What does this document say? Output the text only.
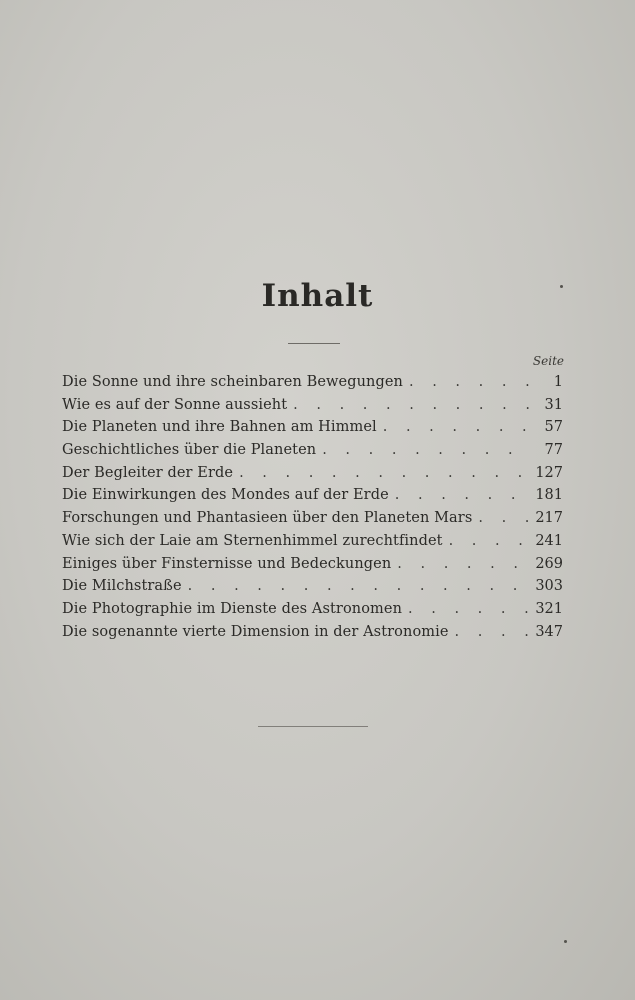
Inhalt
Seite
Die Sonne und ihre scheinbaren Bewegungen . . .	1
Wie es auf der Sonne aussieht . . .	31
Die Planeten und ihre Bahnen am Himmel . . .	57
Geschichtliches über die Planeten . . .	77
Der Begleiter der Erde . . .	127
Die Einwirkungen des Mondes auf der Erde . . .	181
Forschungen und Phantasieen über den Planeten Mars . . .	217
Wie sich der Laie am Sternenhimmel zurechtfindet . . .	241
Einiges über Finsternisse und Bedeckungen . . .	269
Die Milchstraße . . .	303
Die Photographie im Dienste des Astronomen . . .	321
Die sogenannte vierte Dimension in der Astronomie . . .	347
